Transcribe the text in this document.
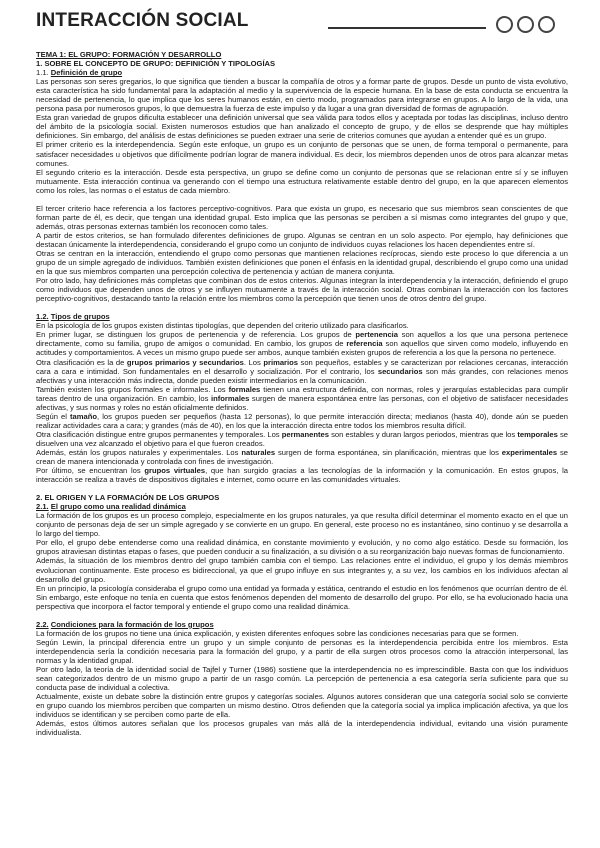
INTERACCIÓN SOCIAL

TEMA 1: EL GRUPO: FORMACIÓN Y DESARROLLO

1. SOBRE EL CONCEPTO DE GRUPO: DEFINICIÓN Y TIPOLOGÍAS

1.1. Definición de grupo

Las personas son seres gregarios, lo que significa que tienden a buscar la compañía de otros y a formar parte de grupos. Desde un punto de vista evolutivo, esta característica ha sido fundamental para la adaptación al medio y la supervivencia de la especie humana. En la base de esta conducta se encuentra la necesidad de pertenencia, lo que implica que los seres humanos están, en cierto modo, programados para integrarse en grupos. A lo largo de la vida, una persona pasa por numerosos grupos, lo que demuestra la fuerza de este impulso y da lugar a una gran diversidad de formas de agrupación.

Esta gran variedad de grupos dificulta establecer una definición universal que sea válida para todos ellos y aceptada por todas las disciplinas, incluso dentro del ámbito de la psicología social. Existen numerosos estudios que han analizado el concepto de grupo, y de ellos se desprende que hay múltiples definiciones. Sin embargo, del análisis de estas definiciones se pueden extraer una serie de criterios comunes que ayudan a entender qué es un grupo.

El primer criterio es la interdependencia. Según este enfoque, un grupo es un conjunto de personas que se unen, de forma temporal o permanente, para satisfacer necesidades u objetivos que difícilmente podrían lograr de manera individual. Es decir, los miembros dependen unos de otros para alcanzar metas comunes.

El segundo criterio es la interacción. Desde esta perspectiva, un grupo se define como un conjunto de personas que se relacionan entre sí y se influyen mutuamente. Esta interacción continua va generando con el tiempo una estructura relativamente estable dentro del grupo, en la que aparecen elementos como los roles, las normas o el estatus de cada miembro.

El tercer criterio hace referencia a los factores perceptivo-cognitivos. Para que exista un grupo, es necesario que sus miembros sean conscientes de que forman parte de él, es decir, que tengan una identidad grupal. Esto implica que las personas se perciben a sí mismas como integrantes del grupo y que, además, otras personas externas también los reconocen como tales.

A partir de estos criterios, se han formulado diferentes definiciones de grupo. Algunas se centran en un solo aspecto. Por ejemplo, hay definiciones que destacan únicamente la interdependencia, considerando el grupo como un conjunto de individuos cuyas relaciones los hacen dependientes entre sí.

Otras se centran en la interacción, entendiendo el grupo como personas que mantienen relaciones recíprocas, siendo este proceso lo que diferencia a un grupo de un simple agregado de individuos. También existen definiciones que ponen el énfasis en la identidad grupal, describiendo el grupo como una unidad en la que sus miembros comparten una percepción colectiva de pertenencia y actúan de manera conjunta.

Por otro lado, hay definiciones más completas que combinan dos de estos criterios. Algunas integran la interdependencia y la interacción, definiendo el grupo como individuos que dependen unos de otros y se influyen mutuamente a través de la interacción social. Otras combinan la interacción con los factores perceptivo-cognitivos, destacando tanto la relación entre los miembros como la percepción que tienen unos de otros dentro del grupo.

1.2. Tipos de grupos

En la psicología de los grupos existen distintas tipologías, que dependen del criterio utilizado para clasificarlos.

En primer lugar, se distinguen los grupos de pertenencia y de referencia. Los grupos de pertenencia son aquellos a los que una persona pertenece directamente, como su familia, grupo de amigos o comunidad. En cambio, los grupos de referencia son aquellos que sirven como modelo, influyendo en actitudes y comportamientos. A veces un mismo grupo puede ser ambos, aunque también existen grupos de referencia a los que la persona no pertenece.

Otra clasificación es la de grupos primarios y secundarios. Los primarios son pequeños, estables y se caracterizan por relaciones cercanas, interacción cara a cara e intimidad. Son fundamentales en el desarrollo y socialización. Por el contrario, los secundarios son más grandes, con relaciones menos afectivas y una interacción más indirecta, donde pueden existir intermediarios en la comunicación.

También existen los grupos formales e informales. Los formales tienen una estructura definida, con normas, roles y jerarquías establecidas para cumplir tareas dentro de una organización. En cambio, los informales surgen de manera espontánea entre las personas, con el objetivo de satisfacer necesidades afectivas, y sus normas y roles no están oficialmente definidos.

Según el tamaño, los grupos pueden ser pequeños (hasta 12 personas), lo que permite interacción directa; medianos (hasta 40), donde aún se pueden realizar actividades cara a cara; y grandes (más de 40), en los que la interacción directa entre todos los miembros resulta difícil.

Otra clasificación distingue entre grupos permanentes y temporales. Los permanentes son estables y duran largos periodos, mientras que los temporales se disuelven una vez alcanzado el objetivo para el que fueron creados.

Además, están los grupos naturales y experimentales. Los naturales surgen de forma espontánea, sin planificación, mientras que los experimentales se crean de manera intencionada y controlada con fines de investigación.

Por último, se encuentran los grupos virtuales, que han surgido gracias a las tecnologías de la información y la comunicación. En estos grupos, la interacción se realiza a través de dispositivos digitales e internet, como ocurre en las comunidades virtuales.

2. EL ORIGEN Y LA FORMACIÓN DE LOS GRUPOS

2.1. El grupo como una realidad dinámica

La formación de los grupos es un proceso complejo, especialmente en los grupos naturales, ya que resulta difícil determinar el momento exacto en el que un conjunto de personas deja de ser un simple agregado y se convierte en un grupo. En general, este proceso no es instantáneo, sino continuo y se desarrolla a lo largo del tiempo.

Por ello, el grupo debe entenderse como una realidad dinámica, en constante movimiento y evolución, y no como algo estático. Desde su formación, los grupos atraviesan distintas etapas o fases, que pueden conducir a su finalización, a su división o a su reorganización bajo nuevas formas de funcionamiento.

Además, la situación de los miembros dentro del grupo también cambia con el tiempo. Las relaciones entre el individuo, el grupo y los demás miembros evolucionan continuamente. Este proceso es bidireccional, ya que el grupo influye en sus integrantes y, a su vez, los cambios en los individuos afectan al desarrollo del grupo.

En un principio, la psicología consideraba el grupo como una entidad ya formada y estática, centrando el estudio en los fenómenos que ocurrían dentro de él. Sin embargo, este enfoque no tenía en cuenta que estos fenómenos dependen del momento de desarrollo del grupo. Por ello, se ha evolucionado hacia una perspectiva que incorpora el factor temporal y entiende el grupo como una realidad dinámica.

2.2. Condiciones para la formación de los grupos

La formación de los grupos no tiene una única explicación, y existen diferentes enfoques sobre las condiciones necesarias para que se formen.

Según Lewin, la principal diferencia entre un grupo y un simple conjunto de personas es la interdependencia percibida entre los miembros. Esta interdependencia sería la condición necesaria para la formación del grupo, y a partir de ella surgen otros procesos como la atracción interpersonal, las normas y la identidad grupal.

Por otro lado, la teoría de la identidad social de Tajfel y Turner (1986) sostiene que la interdependencia no es imprescindible. Basta con que los individuos sean categorizados dentro de un mismo grupo a partir de un rasgo común. La percepción de pertenencia a esa categoría sería suficiente para que su conducta pase de individual a colectiva.

Actualmente, existe un debate sobre la distinción entre grupos y categorías sociales. Algunos autores consideran que una categoría social solo se convierte en grupo cuando los miembros perciben que comparten un mismo destino. Otros defienden que la categoría social ya implica implicación afectiva, ya que los individuos se identifican y se perciben como parte de ella.

Además, estos últimos autores señalan que los procesos grupales van más allá de la interdependencia individual, evitando una visión puramente individualista.
